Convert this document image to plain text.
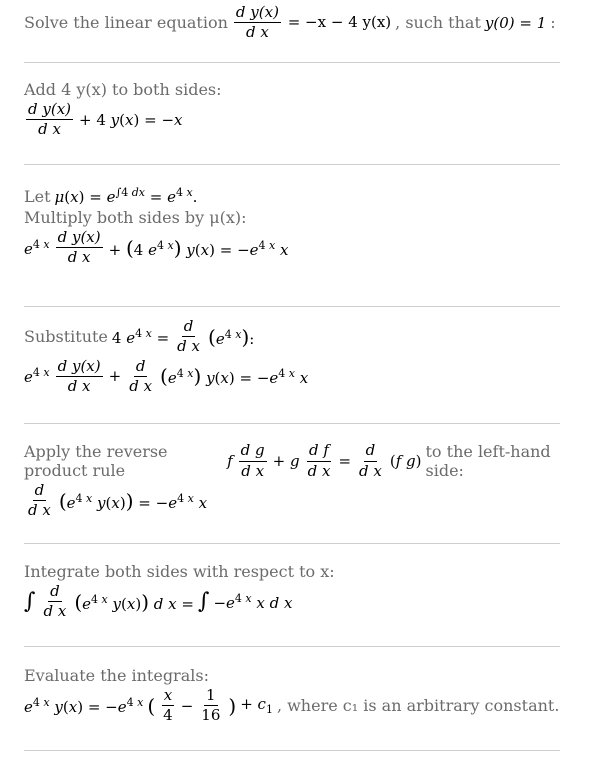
Solve the linear equation $\frac{\text{d y(x)}}{\text{d x}} = -x - 4$ y(x) , such that y(0) = 1 :
Add 4 y(x) to both sides:
$\frac{\text{d y(x)}}{\text{d x}} + 4$ y(x) = −x
Let $\mu(x) = e^{\int 4 dx} = e^{4 x}$.
Multiply both sides by μ(x):
$e^{4 x} \frac{\text{d y(x)}}{\text{d x}} + (4$ $e^{4 x}$) $y(x) = -e^{4 x}$ x
Substitute 4 $e^{4 x} = \frac{d}{\text{d x}} (e^{4 x})$:
$e^{4 x} \frac{\text{d y(x)}}{\text{d x}} + \frac{d}{\text{d x}} (e^{4 x}) y(x) = -e^{4 x}$ x
Apply the reverse product rule	f $\frac{\text{d g}}{\text{d x}} + g \frac{\text{d f}}{\text{d x}} = \frac{d}{\text{d x}} (f$ g) to the left-hand side:
$\frac{d}{\text{d x}} (e^{4 x}$ $y(x)) = -e^{4 x}$ x
Integrate both sides with respect to x:
∫ $\frac{d}{\text{d x}} (e^{4 x}$ y(x)) d x = ∫ $-e^{4 x}$ x d x
Evaluate the integrals:
$e^{4 x}$ $y(x) = -e^{4 x}$ ( $\frac{x}{4} - \frac{1}{16}$ ) + $c_1$ , where c₁ is an arbitrary constant.
